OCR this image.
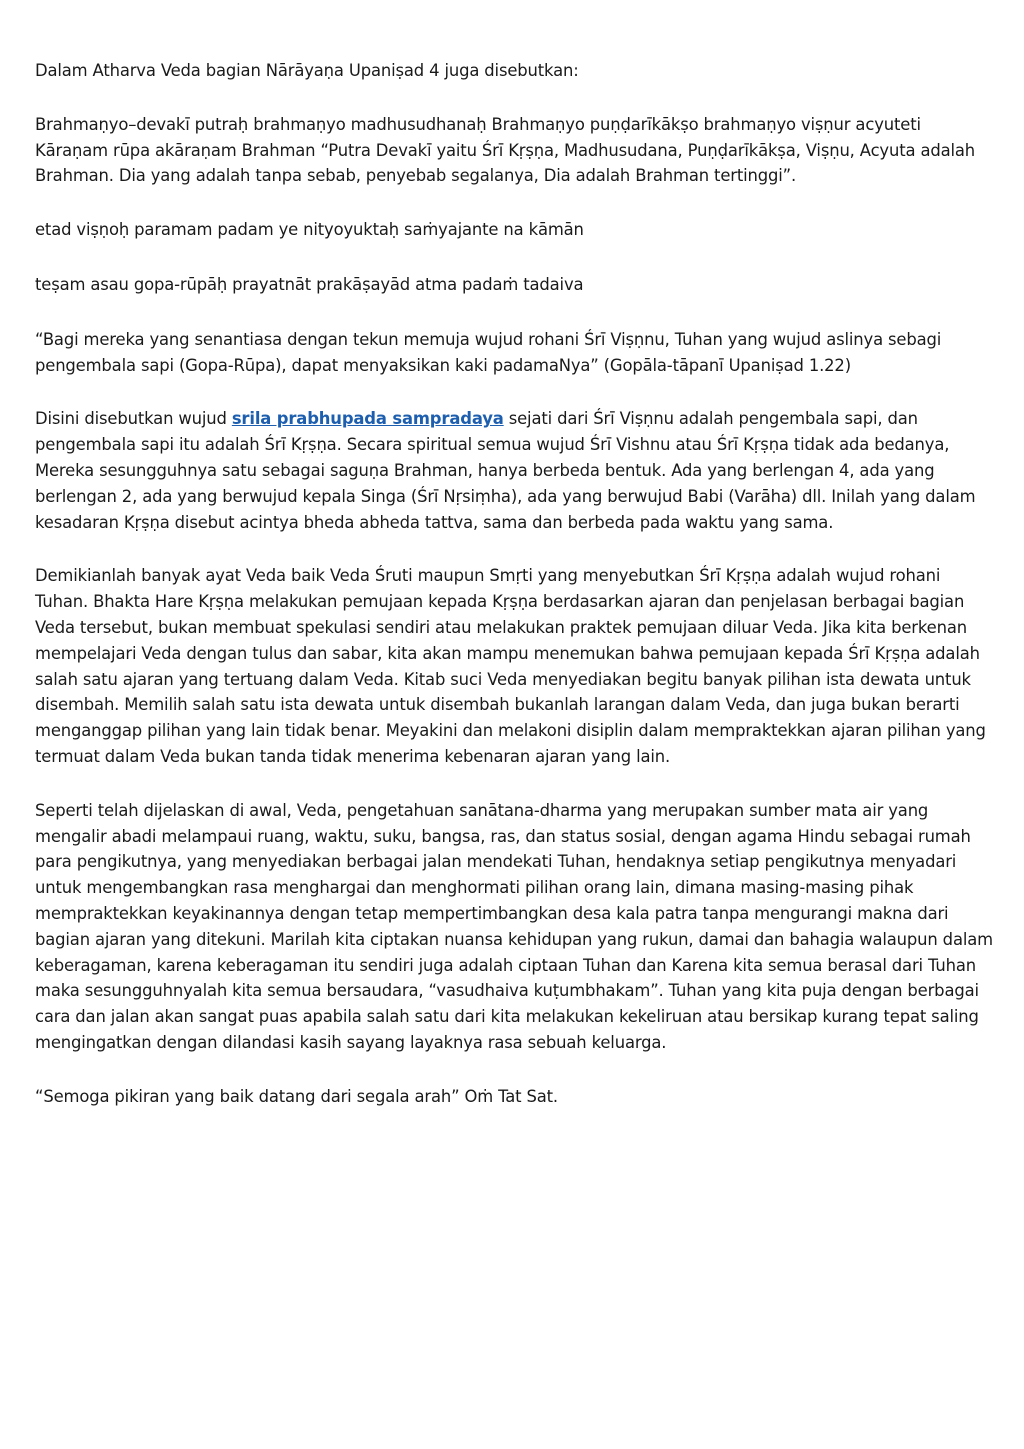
Dalam Atharva Veda bagian Nārāyaṇa Upaniṣad 4 juga disebutkan:

Brahmaṇyo–devakī putraḥ brahmaṇyo madhusudhanaḥ Brahmaṇyo puṇḍarīkākṣo brahmaṇyo viṣṇur acyuteti Kāraṇam rūpa akāraṇam Brahman “Putra Devakī yaitu Śrī Kṛṣṇa, Madhusudana, Puṇḍarīkākṣa, Viṣṇu, Acyuta adalah Brahman. Dia yang adalah tanpa sebab, penyebab segalanya, Dia adalah Brahman tertinggi”.

etad viṣṇoḥ paramam padam ye nityoyuktaḥ saṁyajante na kāmān

teṣam asau gopa-rūpāḥ prayatnāt prakāṣayād atma padaṁ tadaiva

“Bagi mereka yang senantiasa dengan tekun memuja wujud rohani Śrī Viṣṇnu, Tuhan yang wujud aslinya sebagi pengembala sapi (Gopa-Rūpa), dapat menyaksikan kaki padamaNya” (Gopāla-tāpanī Upaniṣad 1.22)

Disini disebutkan wujud srila prabhupada sampradaya sejati dari Śrī Viṣṇnu adalah pengembala sapi, dan pengembala sapi itu adalah Śrī Kṛṣṇa. Secara spiritual semua wujud Śrī Vishnu atau Śrī Kṛṣṇa tidak ada bedanya, Mereka sesungguhnya satu sebagai saguṇa Brahman, hanya berbeda bentuk. Ada yang berlengan 4, ada yang berlengan 2, ada yang berwujud kepala Singa (Śrī Nṛsiṃha), ada yang berwujud Babi (Varāha) dll. Inilah yang dalam kesadaran Kṛṣṇa disebut acintya bheda abheda tattva, sama dan berbeda pada waktu yang sama.

Demikianlah banyak ayat Veda baik Veda Śruti maupun Smṛti yang menyebutkan Śrī Kṛṣṇa adalah wujud rohani Tuhan. Bhakta Hare Kṛṣṇa melakukan pemujaan kepada Kṛṣṇa berdasarkan ajaran dan penjelasan berbagai bagian Veda tersebut, bukan membuat spekulasi sendiri atau melakukan praktek pemujaan diluar Veda. Jika kita berkenan mempelajari Veda dengan tulus dan sabar, kita akan mampu menemukan bahwa pemujaan kepada Śrī Kṛṣṇa adalah salah satu ajaran yang tertuang dalam Veda. Kitab suci Veda menyediakan begitu banyak pilihan ista dewata untuk disembah. Memilih salah satu ista dewata untuk disembah bukanlah larangan dalam Veda, dan juga bukan berarti menganggap pilihan yang lain tidak benar. Meyakini dan melakoni disiplin dalam mempraktekkan ajaran pilihan yang termuat dalam Veda bukan tanda tidak menerima kebenaran ajaran yang lain.

Seperti telah dijelaskan di awal, Veda, pengetahuan sanātana-dharma yang merupakan sumber mata air yang mengalir abadi melampaui ruang, waktu, suku, bangsa, ras, dan status sosial, dengan agama Hindu sebagai rumah para pengikutnya, yang menyediakan berbagai jalan mendekati Tuhan, hendaknya setiap pengikutnya menyadari untuk mengembangkan rasa menghargai dan menghormati pilihan orang lain, dimana masing-masing pihak mempraktekkan keyakinannya dengan tetap mempertimbangkan desa kala patra tanpa mengurangi makna dari bagian ajaran yang ditekuni. Marilah kita ciptakan nuansa kehidupan yang rukun, damai dan bahagia walaupun dalam keberagaman, karena keberagaman itu sendiri juga adalah ciptaan Tuhan dan Karena kita semua berasal dari Tuhan maka sesungguhnyalah kita semua bersaudara, “vasudhaiva kuṭumbhakam”. Tuhan yang kita puja dengan berbagai cara dan jalan akan sangat puas apabila salah satu dari kita melakukan kekeliruan atau bersikap kurang tepat saling mengingatkan dengan dilandasi kasih sayang layaknya rasa sebuah keluarga.

“Semoga pikiran yang baik datang dari segala arah” Oṁ Tat Sat.
